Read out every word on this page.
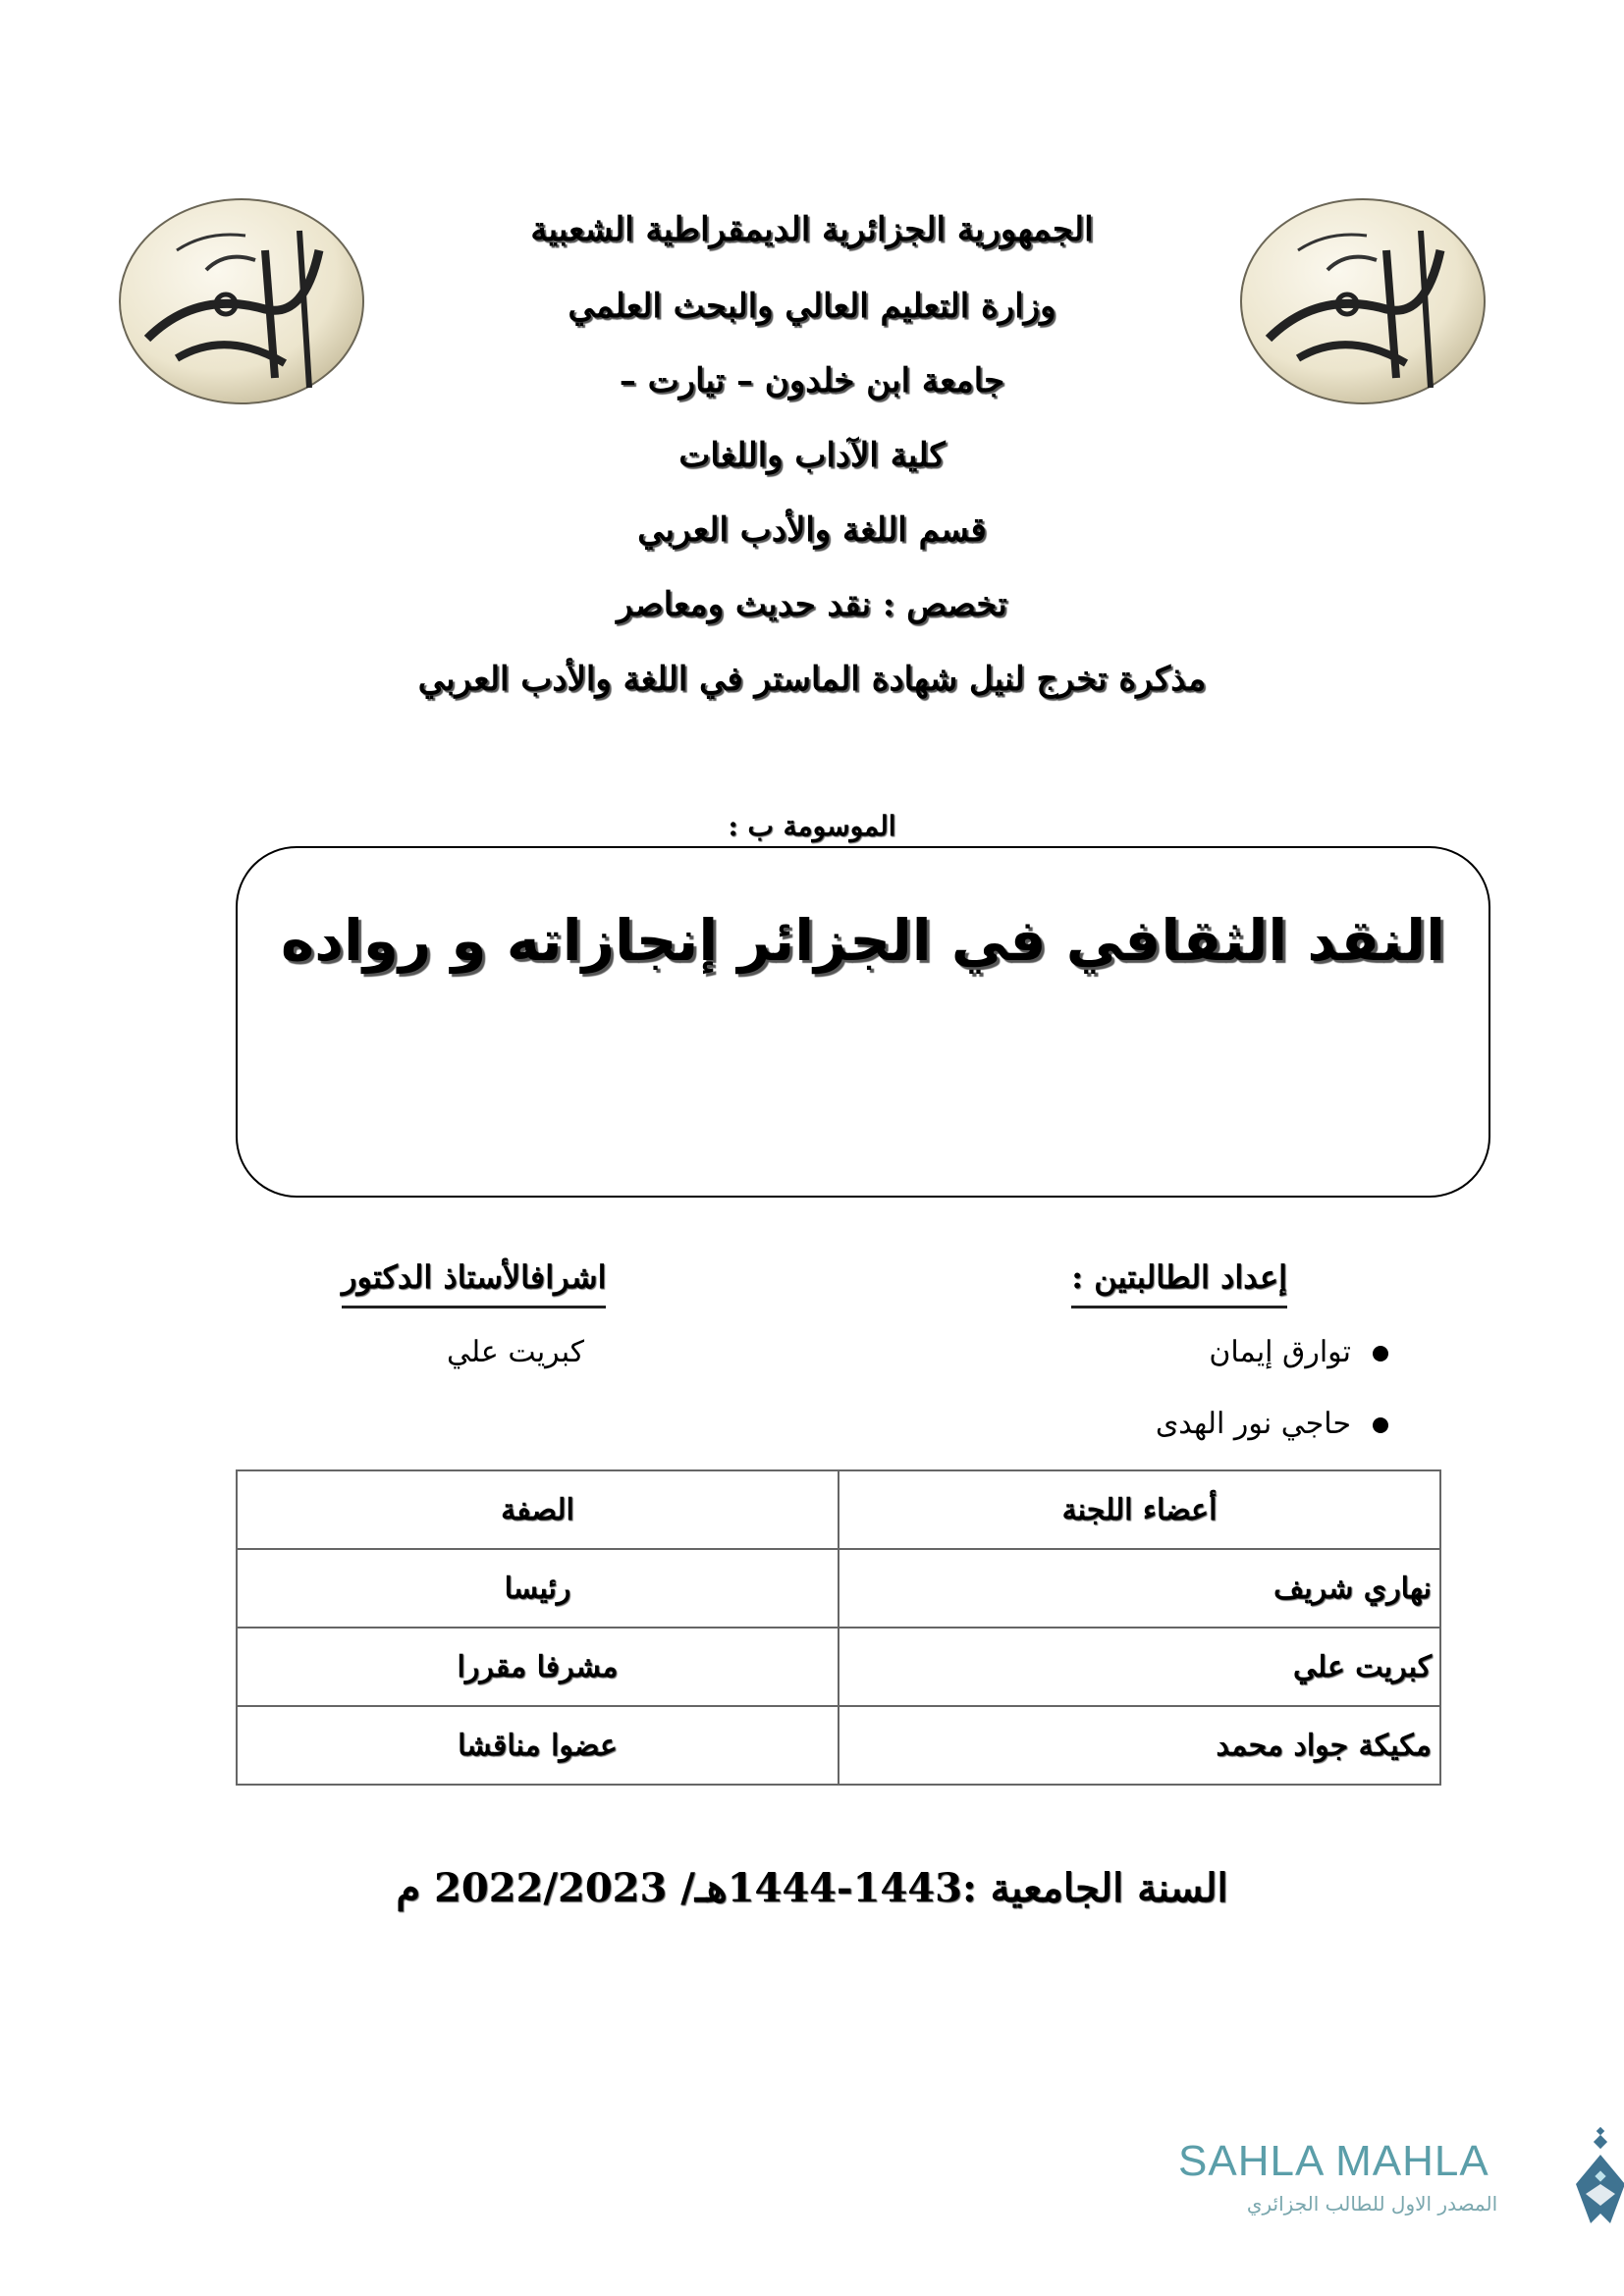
الجمهورية الجزائرية الديمقراطية الشعبية
وزارة التعليم العالي والبحث العلمي
جامعة ابن خلدون – تيارت –
كلية الآداب واللغات
قسم اللغة والأدب العربي
تخصص : نقد حديث ومعاصر
مذكرة تخرج لنيل شهادة الماستر في اللغة والأدب العربي
الموسومة ب :
النقد الثقافي في الجزائر إنجازاته و رواده
إعداد الطالبتين :
توارق إيمان
حاجي نور الهدى
اشرافالأستاذ الدكتور
كبريت علي
أعضاء اللجنة	الصفة
نهاري شريف	رئيسا
كبريت علي	مشرفا مقررا
مكيكة جواد محمد	عضوا مناقشا
السنة الجامعية :1443-1444هـ/ 2022/2023 م
SAHLA MAHLA
المصدر الاول للطالب الجزائري
